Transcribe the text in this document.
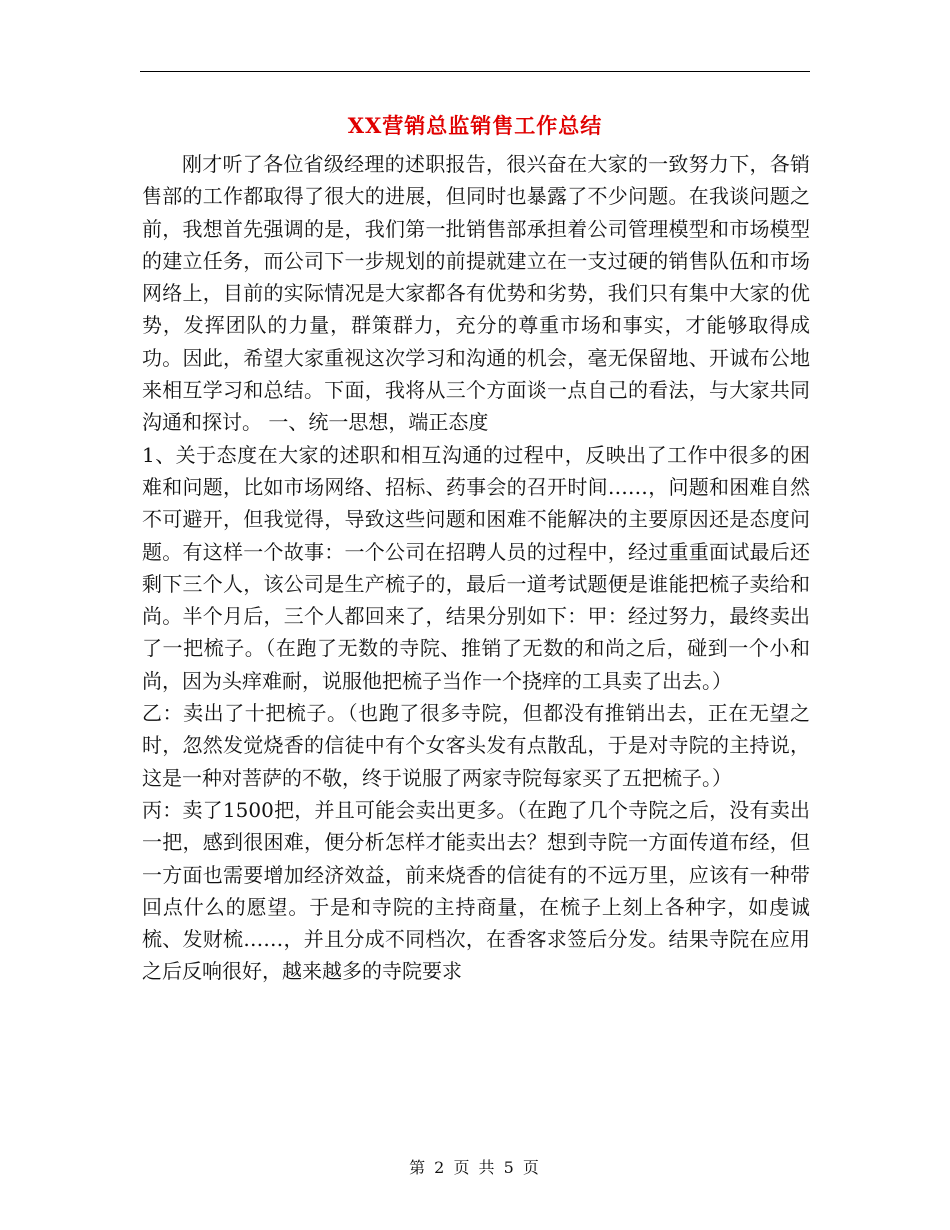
XX营销总监销售工作总结

刚才听了各位省级经理的述职报告，很兴奋在大家的一致努力下，各销售部的工作都取得了很大的进展，但同时也暴露了不少问题。在我谈问题之前，我想首先强调的是，我们第一批销售部承担着公司管理模型和市场模型的建立任务，而公司下一步规划的前提就建立在一支过硬的销售队伍和市场网络上，目前的实际情况是大家都各有优势和劣势，我们只有集中大家的优势，发挥团队的力量，群策群力，充分的尊重市场和事实，才能够取得成功。因此，希望大家重视这次学习和沟通的机会，毫无保留地、开诚布公地来相互学习和总结。下面，我将从三个方面谈一点自己的看法，与大家共同沟通和探讨。 一、统一思想，端正态度

1、关于态度在大家的述职和相互沟通的过程中，反映出了工作中很多的困难和问题，比如市场网络、招标、药事会的召开时间……，问题和困难自然不可避开，但我觉得，导致这些问题和困难不能解决的主要原因还是态度问题。有这样一个故事：一个公司在招聘人员的过程中，经过重重面试最后还剩下三个人，该公司是生产梳子的，最后一道考试题便是谁能把梳子卖给和尚。半个月后，三个人都回来了，结果分别如下：甲：经过努力，最终卖出了一把梳子。（在跑了无数的寺院、推销了无数的和尚之后，碰到一个小和尚，因为头痒难耐，说服他把梳子当作一个挠痒的工具卖了出去。）

乙：卖出了十把梳子。（也跑了很多寺院，但都没有推销出去，正在无望之时，忽然发觉烧香的信徒中有个女客头发有点散乱，于是对寺院的主持说，这是一种对菩萨的不敬，终于说服了两家寺院每家买了五把梳子。）

丙：卖了1500把，并且可能会卖出更多。（在跑了几个寺院之后，没有卖出一把，感到很困难，便分析怎样才能卖出去？想到寺院一方面传道布经，但一方面也需要增加经济效益，前来烧香的信徒有的不远万里，应该有一种带回点什么的愿望。于是和寺院的主持商量，在梳子上刻上各种字，如虔诚梳、发财梳……，并且分成不同档次，在香客求签后分发。结果寺院在应用之后反响很好，越来越多的寺院要求

第 2 页 共 5 页
